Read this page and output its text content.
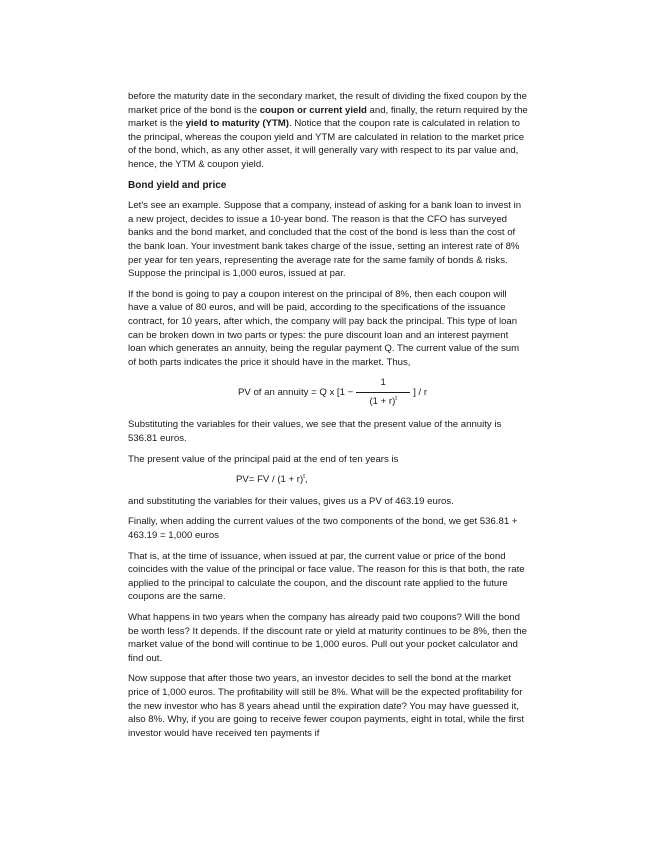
before the maturity date in the secondary market, the result of dividing the fixed coupon by the market price of the bond is the coupon or current yield and, finally, the return required by the market is the yield to maturity (YTM). Notice that the coupon rate is calculated in relation to the principal, whereas the coupon yield and YTM are calculated in relation to the market price of the bond, which, as any other asset, it will generally vary with respect to its par value and, hence, the YTM & coupon yield.

Bond yield and price

Let's see an example. Suppose that a company, instead of asking for a bank loan to invest in a new project, decides to issue a 10-year bond. The reason is that the CFO has surveyed banks and the bond market, and concluded that the cost of the bond is less than the cost of the bank loan. Your investment bank takes charge of the issue, setting an interest rate of 8% per year for ten years, representing the average rate for the same family of bonds & risks. Suppose the principal is 1,000 euros, issued at par.

If the bond is going to pay a coupon interest on the principal of 8%, then each coupon will have a value of 80 euros, and will be paid, according to the specifications of the issuance contract, for 10 years, after which, the company will pay back the principal. This type of loan can be broken down in two parts or types: the pure discount loan and an interest payment loan which generates an annuity, being the regular payment Q. The current value of the sum of both parts indicates the price it should have in the market. Thus,

PV of an annuity = Q x [$1 - \frac{1}{(1 + r)^t}$ ] / r

Substituting the variables for their values, we see that the present value of the annuity is 536.81 euros.

The present value of the principal paid at the end of ten years is

PV= FV / $(1 + r)^t$,

and substituting the variables for their values, gives us a PV of 463.19 euros.

Finally, when adding the current values of the two components of the bond, we get 536.81 + 463.19 = 1,000 euros

That is, at the time of issuance, when issued at par, the current value or price of the bond coincides with the value of the principal or face value. The reason for this is that both, the rate applied to the principal to calculate the coupon, and the discount rate applied to the future coupons are the same.

What happens in two years when the company has already paid two coupons? Will the bond be worth less? It depends. If the discount rate or yield at maturity continues to be 8%, then the market value of the bond will continue to be 1,000 euros. Pull out your pocket calculator and find out.

Now suppose that after those two years, an investor decides to sell the bond at the market price of 1,000 euros. The profitability will still be 8%. What will be the expected profitability for the new investor who has 8 years ahead until the expiration date? You may have guessed it, also 8%. Why, if you are going to receive fewer coupon payments, eight in total, while the first investor would have received ten payments if
